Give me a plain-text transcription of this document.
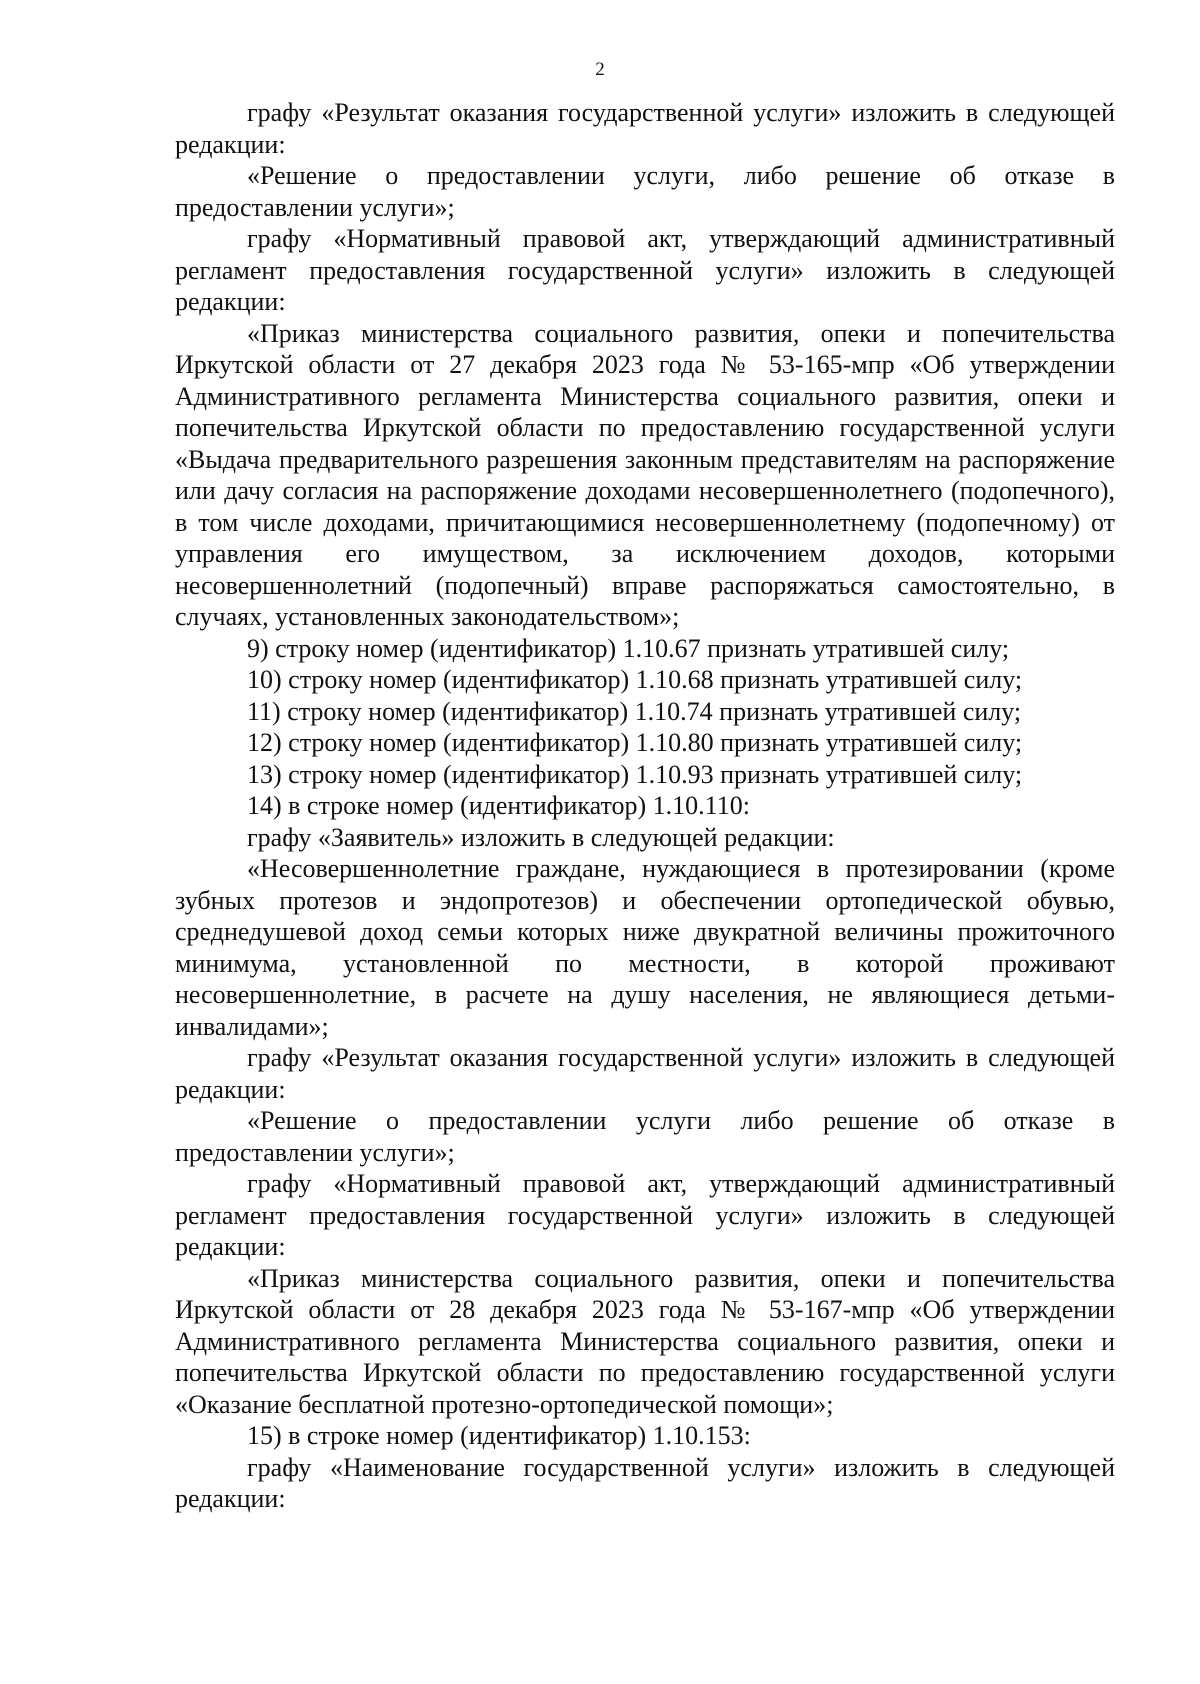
2

графу «Результат оказания государственной услуги» изложить в следующей редакции:

«Решение о предоставлении услуги, либо решение об отказе в предоставлении услуги»;

графу «Нормативный правовой акт, утверждающий административный регламент предоставления государственной услуги» изложить в следующей редакции:

«Приказ министерства социального развития, опеки и попечительства Иркутской области от 27 декабря 2023 года № 53-165-мпр «Об утверждении Административного регламента Министерства социального развития, опеки и попечительства Иркутской области по предоставлению государственной услуги «Выдача предварительного разрешения законным представителям на распоряжение или дачу согласия на распоряжение доходами несовершеннолетнего (подопечного), в том числе доходами, причитающимися несовершеннолетнему (подопечному) от управления его имуществом, за исключением доходов, которыми несовершеннолетний (подопечный) вправе распоряжаться самостоятельно, в случаях, установленных законодательством»;

9) строку номер (идентификатор) 1.10.67 признать утратившей силу;

10) строку номер (идентификатор) 1.10.68 признать утратившей силу;

11) строку номер (идентификатор) 1.10.74 признать утратившей силу;

12) строку номер (идентификатор) 1.10.80 признать утратившей силу;

13) строку номер (идентификатор) 1.10.93 признать утратившей силу;

14) в строке номер (идентификатор) 1.10.110:

графу «Заявитель» изложить в следующей редакции:

«Несовершеннолетние граждане, нуждающиеся в протезировании (кроме зубных протезов и эндопротезов) и обеспечении ортопедической обувью, среднедушевой доход семьи которых ниже двукратной величины прожиточного минимума, установленной по местности, в которой проживают несовершеннолетние, в расчете на душу населения, не являющиеся детьми-инвалидами»;

графу «Результат оказания государственной услуги» изложить в следующей редакции:

«Решение о предоставлении услуги либо решение об отказе в предоставлении услуги»;

графу «Нормативный правовой акт, утверждающий административный регламент предоставления государственной услуги» изложить в следующей редакции:

«Приказ министерства социального развития, опеки и попечительства Иркутской области от 28 декабря 2023 года № 53-167-мпр «Об утверждении Административного регламента Министерства социального развития, опеки и попечительства Иркутской области по предоставлению государственной услуги «Оказание бесплатной протезно-ортопедической помощи»;

15) в строке номер (идентификатор) 1.10.153:

графу «Наименование государственной услуги» изложить в следующей редакции:
